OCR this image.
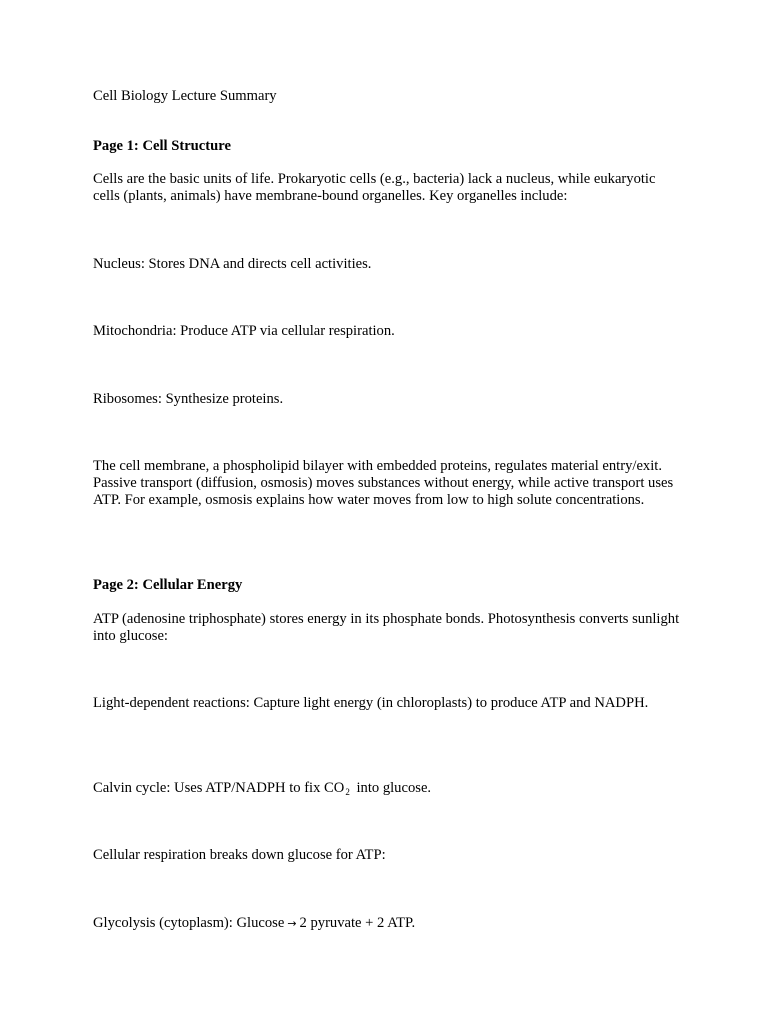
Cell Biology Lecture Summary

Page 1: Cell Structure

Cells are the basic units of life. Prokaryotic cells (e.g., bacteria) lack a nucleus, while eukaryotic cells (plants, animals) have membrane-bound organelles. Key organelles include:

Nucleus: Stores DNA and directs cell activities.

Mitochondria: Produce ATP via cellular respiration.

Ribosomes: Synthesize proteins.

The cell membrane, a phospholipid bilayer with embedded proteins, regulates material entry/exit. Passive transport (diffusion, osmosis) moves substances without energy, while active transport uses ATP. For example, osmosis explains how water moves from low to high solute concentrations.

Page 2: Cellular Energy

ATP (adenosine triphosphate) stores energy in its phosphate bonds. Photosynthesis converts sunlight into glucose:

Light-dependent reactions: Capture light energy (in chloroplasts) to produce ATP and NADPH.

Calvin cycle: Uses ATP/NADPH to fix $CO_2$ into glucose.

Cellular respiration breaks down glucose for ATP:

Glycolysis (cytoplasm): Glucose → 2 pyruvate + 2 ATP.
